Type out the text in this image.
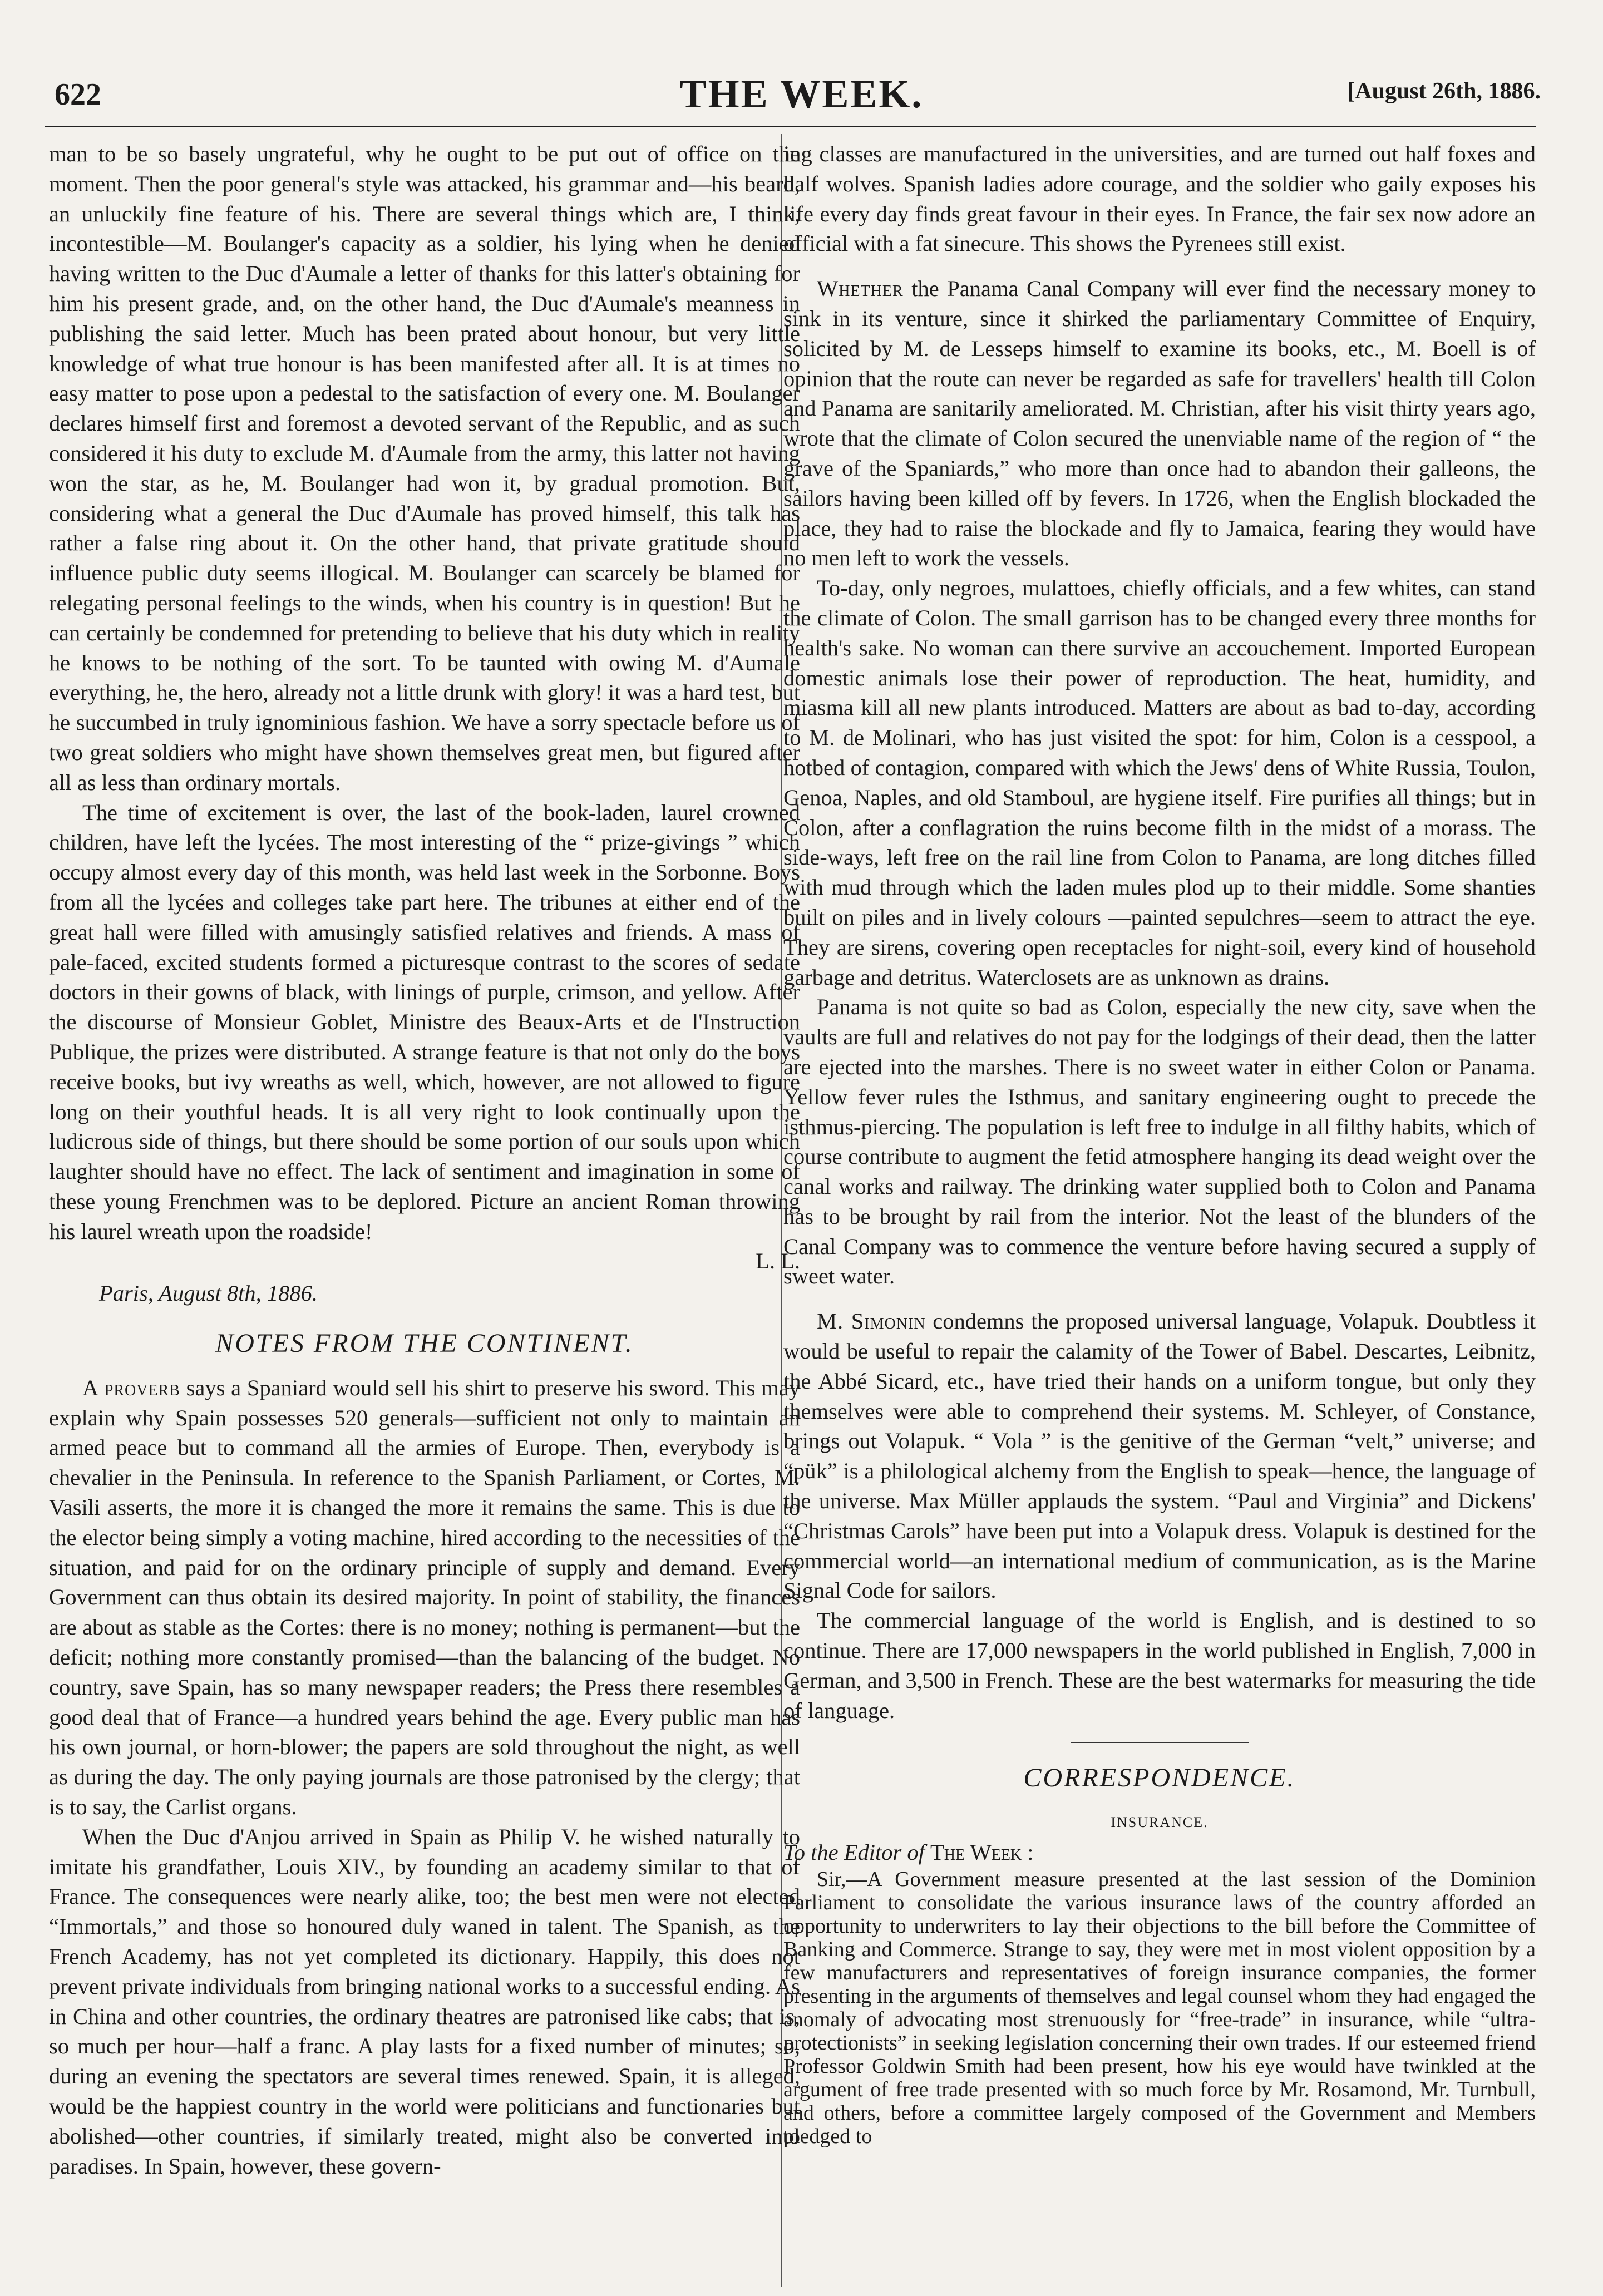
622	THE WEEK.	[August 26th, 1886.

man to be so basely ungrateful, why he ought to be put out of office on the moment. Then the poor general's style was attacked, his grammar and—his beard, an unluckily fine feature of his. There are several things which are, I think, incontestible—M. Boulanger's capacity as a soldier, his lying when he denied having written to the Duc d'Aumale a letter of thanks for this latter's obtaining for him his present grade, and, on the other hand, the Duc d'Aumale's meanness in publishing the said letter. Much has been prated about honour, but very little knowledge of what true honour is has been manifested after all. It is at times no easy matter to pose upon a pedestal to the satisfaction of every one. M. Boulanger declares himself first and foremost a devoted servant of the Republic, and as such considered it his duty to exclude M. d'Aumale from the army, this latter not having won the star, as he, M. Boulanger had won it, by gradual promotion. But, considering what a general the Duc d'Aumale has proved himself, this talk has rather a false ring about it. On the other hand, that private gratitude should influence public duty seems illogical. M. Boulanger can scarcely be blamed for relegating personal feelings to the winds, when his country is in question! But he can certainly be condemned for pretending to believe that his duty which in reality he knows to be nothing of the sort. To be taunted with owing M. d'Aumale everything, he, the hero, already not a little drunk with glory! it was a hard test, but he succumbed in truly ignominious fashion. We have a sorry spectacle before us of two great soldiers who might have shown themselves great men, but figured after all as less than ordinary mortals.

The time of excitement is over, the last of the book-laden, laurel crowned children, have left the lycées. The most interesting of the “ prize-givings ” which occupy almost every day of this month, was held last week in the Sorbonne. Boys from all the lycées and colleges take part here. The tribunes at either end of the great hall were filled with amusingly satisfied relatives and friends. A mass of pale-faced, excited students formed a picturesque contrast to the scores of sedate doctors in their gowns of black, with linings of purple, crimson, and yellow. After the discourse of Monsieur Goblet, Ministre des Beaux-Arts et de l'Instruction Publique, the prizes were distributed. A strange feature is that not only do the boys receive books, but ivy wreaths as well, which, however, are not allowed to figure long on their youthful heads. It is all very right to look continually upon the ludicrous side of things, but there should be some portion of our souls upon which laughter should have no effect. The lack of sentiment and imagination in some of these young Frenchmen was to be deplored. Picture an ancient Roman throwing his laurel wreath upon the roadside!

L. L.

Paris, August 8th, 1886.

NOTES FROM THE CONTINENT.

A proverb says a Spaniard would sell his shirt to preserve his sword. This may explain why Spain possesses 520 generals—sufficient not only to maintain an armed peace but to command all the armies of Europe. Then, everybody is a chevalier in the Peninsula. In reference to the Spanish Parliament, or Cortes, M. Vasili asserts, the more it is changed the more it remains the same. This is due to the elector being simply a voting machine, hired according to the necessities of the situation, and paid for on the ordinary principle of supply and demand. Every Government can thus obtain its desired majority. In point of stability, the finances are about as stable as the Cortes: there is no money; nothing is permanent—but the deficit; nothing more constantly promised—than the balancing of the budget. No country, save Spain, has so many newspaper readers; the Press there resembles a good deal that of France—a hundred years behind the age. Every public man has his own journal, or horn-blower; the papers are sold throughout the night, as well as during the day. The only paying journals are those patronised by the clergy; that is to say, the Carlist organs.

When the Duc d'Anjou arrived in Spain as Philip V. he wished naturally to imitate his grandfather, Louis XIV., by founding an academy similar to that of France. The consequences were nearly alike, too; the best men were not elected “Immortals,” and those so honoured duly waned in talent. The Spanish, as the French Academy, has not yet completed its dictionary. Happily, this does not prevent private individuals from bringing national works to a successful ending. As in China and other countries, the ordinary theatres are patronised like cabs; that is, so much per hour—half a franc. A play lasts for a fixed number of minutes; so, during an evening the spectators are several times renewed. Spain, it is alleged, would be the happiest country in the world were politicians and functionaries but abolished—other countries, if similarly treated, might also be converted into paradises. In Spain, however, these govern-

ing classes are manufactured in the universities, and are turned out half foxes and half wolves. Spanish ladies adore courage, and the soldier who gaily exposes his life every day finds great favour in their eyes. In France, the fair sex now adore an official with a fat sinecure. This shows the Pyrenees still exist.

Whether the Panama Canal Company will ever find the necessary money to sink in its venture, since it shirked the parliamentary Committee of Enquiry, solicited by M. de Lesseps himself to examine its books, etc., M. Boell is of opinion that the route can never be regarded as safe for travellers' health till Colon and Panama are sanitarily ameliorated. M. Christian, after his visit thirty years ago, wrote that the climate of Colon secured the unenviable name of the region of “ the grave of the Spaniards,” who more than once had to abandon their galleons, the sailors having been killed off by fevers. In 1726, when the English blockaded the place, they had to raise the blockade and fly to Jamaica, fearing they would have no men left to work the vessels.

To-day, only negroes, mulattoes, chiefly officials, and a few whites, can stand the climate of Colon. The small garrison has to be changed every three months for health's sake. No woman can there survive an accouchement. Imported European domestic animals lose their power of reproduction. The heat, humidity, and miasma kill all new plants introduced. Matters are about as bad to-day, according to M. de Molinari, who has just visited the spot: for him, Colon is a cesspool, a hotbed of contagion, compared with which the Jews' dens of White Russia, Toulon, Genoa, Naples, and old Stamboul, are hygiene itself. Fire purifies all things; but in Colon, after a conflagration the ruins become filth in the midst of a morass. The side-ways, left free on the rail line from Colon to Panama, are long ditches filled with mud through which the laden mules plod up to their middle. Some shanties built on piles and in lively colours —painted sepulchres—seem to attract the eye. They are sirens, covering open receptacles for night-soil, every kind of household garbage and detritus. Waterclosets are as unknown as drains.

Panama is not quite so bad as Colon, especially the new city, save when the vaults are full and relatives do not pay for the lodgings of their dead, then the latter are ejected into the marshes. There is no sweet water in either Colon or Panama. Yellow fever rules the Isthmus, and sanitary engineering ought to precede the isthmus-piercing. The population is left free to indulge in all filthy habits, which of course contribute to augment the fetid atmosphere hanging its dead weight over the canal works and railway. The drinking water supplied both to Colon and Panama has to be brought by rail from the interior. Not the least of the blunders of the Canal Company was to commence the venture before having secured a supply of sweet water.

M. Simonin condemns the proposed universal language, Volapuk. Doubtless it would be useful to repair the calamity of the Tower of Babel. Descartes, Leibnitz, the Abbé Sicard, etc., have tried their hands on a uniform tongue, but only they themselves were able to comprehend their systems. M. Schleyer, of Constance, brings out Volapuk. “ Vola ” is the genitive of the German “velt,” universe; and “pük” is a philological alchemy from the English to speak—hence, the language of the universe. Max Müller applauds the system. “Paul and Virginia” and Dickens' “Christmas Carols” have been put into a Volapuk dress. Volapuk is destined for the commercial world—an international medium of communication, as is the Marine Signal Code for sailors.

The commercial language of the world is English, and is destined to so continue. There are 17,000 newspapers in the world published in English, 7,000 in German, and 3,500 in French. These are the best watermarks for measuring the tide of language.

CORRESPONDENCE.
INSURANCE.

To the Editor of The Week :

Sir,—A Government measure presented at the last session of the Dominion Parliament to consolidate the various insurance laws of the country afforded an opportunity to underwriters to lay their objections to the bill before the Committee of Banking and Commerce. Strange to say, they were met in most violent opposition by a few manufacturers and representatives of foreign insurance companies, the former presenting in the arguments of themselves and legal counsel whom they had engaged the anomaly of advocating most strenuously for “free-trade” in insurance, while “ultra-protectionists” in seeking legislation concerning their own trades. If our esteemed friend Professor Goldwin Smith had been present, how his eye would have twinkled at the argument of free trade presented with so much force by Mr. Rosamond, Mr. Turnbull, and others, before a committee largely composed of the Government and Members pledged to
